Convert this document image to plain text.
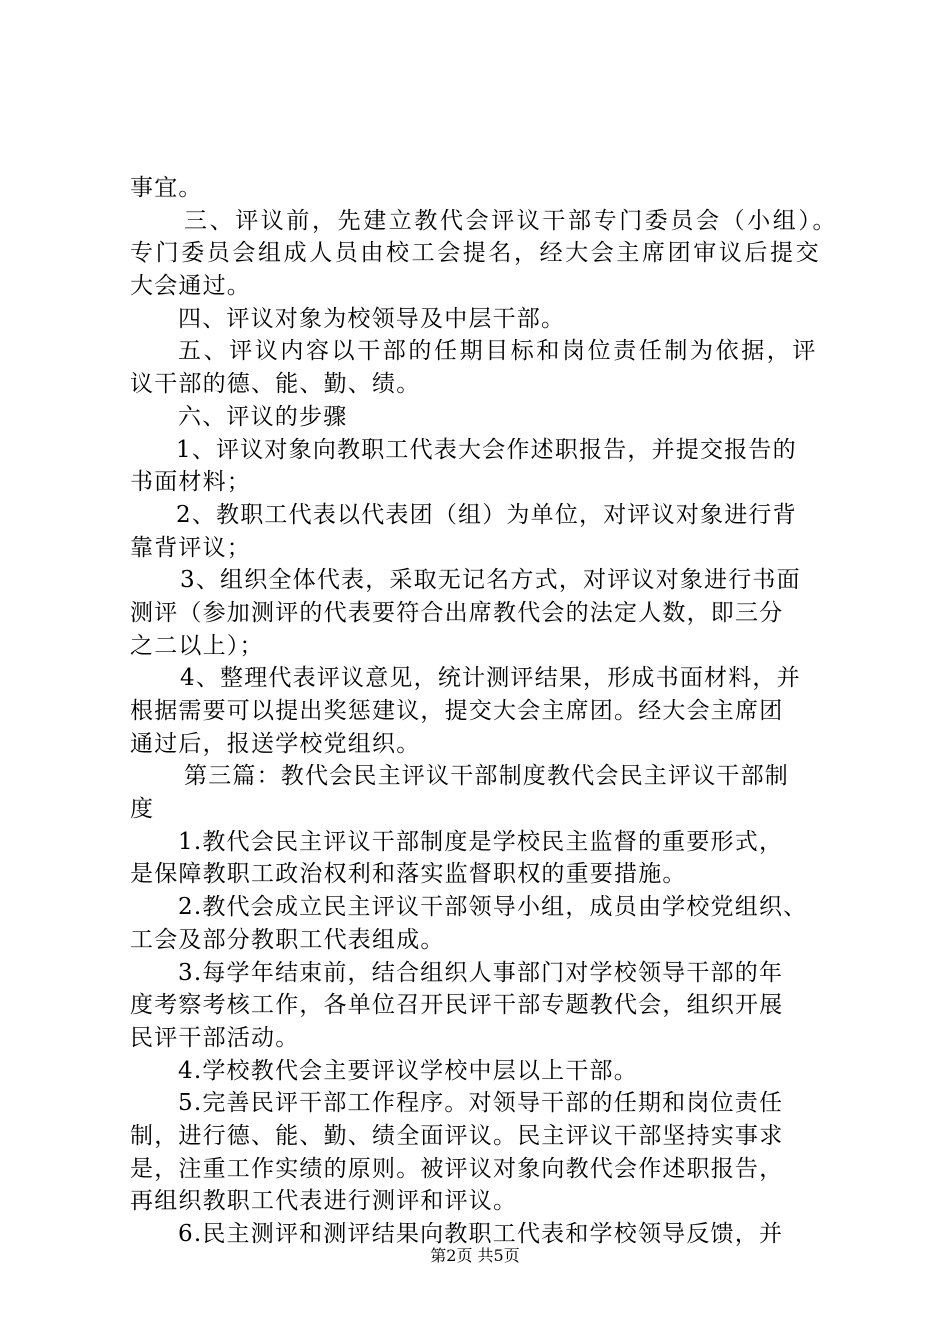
事宜。
三、评议前，先建立教代会评议干部专门委员会（小组）。
专门委员会组成人员由校工会提名，经大会主席团审议后提交
大会通过。
四、评议对象为校领导及中层干部。
五、评议内容以干部的任期目标和岗位责任制为依据，评
议干部的德、能、勤、绩。
六、评议的步骤
1、评议对象向教职工代表大会作述职报告，并提交报告的
书面材料；
2、教职工代表以代表团（组）为单位，对评议对象进行背
靠背评议；
3、组织全体代表，采取无记名方式，对评议对象进行书面
测评（参加测评的代表要符合出席教代会的法定人数，即三分
之二以上）；
4、整理代表评议意见，统计测评结果，形成书面材料，并
根据需要可以提出奖惩建议，提交大会主席团。经大会主席团
通过后，报送学校党组织。
第三篇：教代会民主评议干部制度教代会民主评议干部制
度
1.教代会民主评议干部制度是学校民主监督的重要形式，
是保障教职工政治权利和落实监督职权的重要措施。
2.教代会成立民主评议干部领导小组，成员由学校党组织、
工会及部分教职工代表组成。
3.每学年结束前，结合组织人事部门对学校领导干部的年
度考察考核工作，各单位召开民评干部专题教代会，组织开展
民评干部活动。
4.学校教代会主要评议学校中层以上干部。
5.完善民评干部工作程序。对领导干部的任期和岗位责任
制，进行德、能、勤、绩全面评议。民主评议干部坚持实事求
是，注重工作实绩的原则。被评议对象向教代会作述职报告，
再组织教职工代表进行测评和评议。
6.民主测评和测评结果向教职工代表和学校领导反馈，并
第2页 共5页
